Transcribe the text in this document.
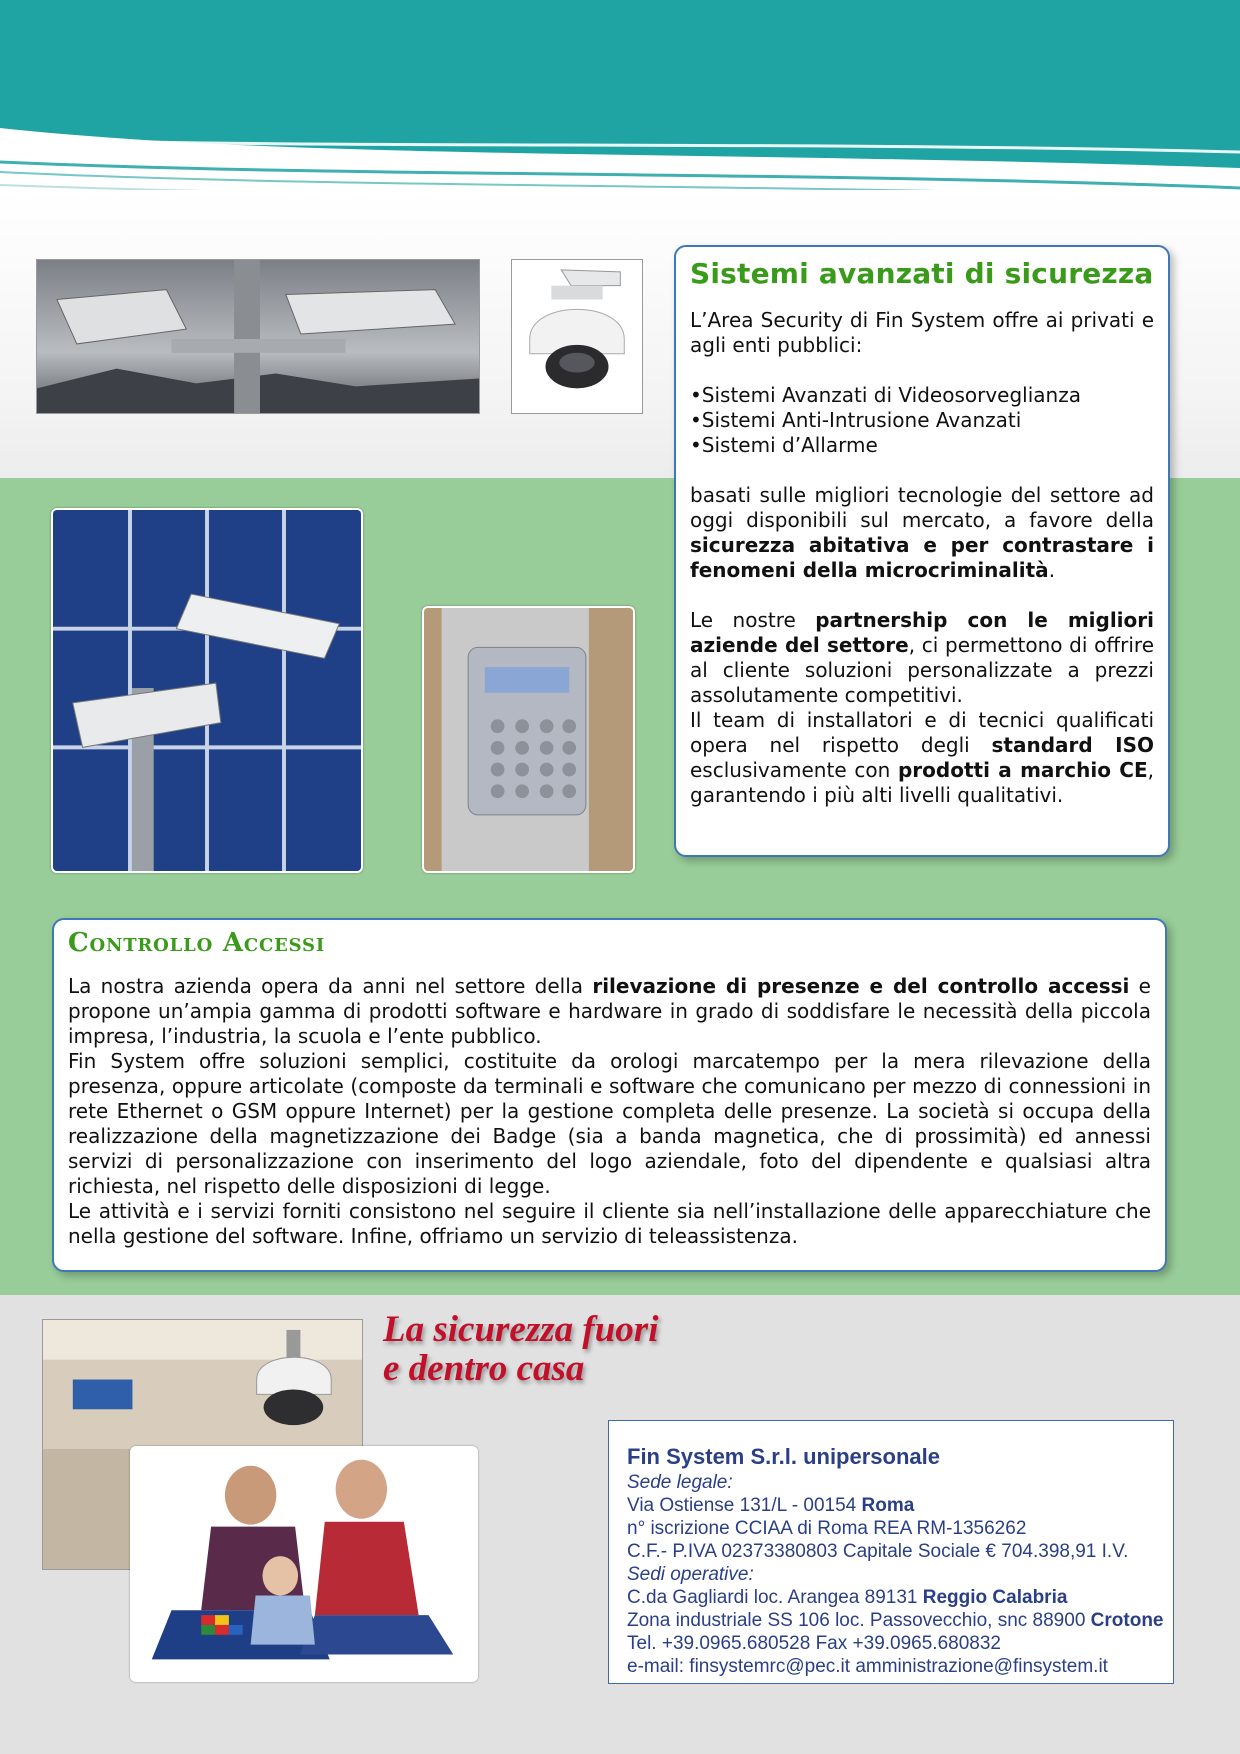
Sistemi avanzati di sicurezza

L’Area Security di Fin System offre ai privati e agli enti pubblici:

• Sistemi Avanzati di Videosorveglianza
• Sistemi Anti-Intrusione Avanzati
• Sistemi d’Allarme

basati sulle migliori tecnologie del settore ad oggi disponibili sul mercato, a favore della sicurezza abitativa e per contrastare i fenomeni della microcriminalità.

Le nostre partnership con le migliori aziende del settore, ci permettono di offrire al cliente soluzioni personalizzate a prezzi assolutamente competitivi.

Il team di installatori e di tecnici qualificati opera nel rispetto degli standard ISO esclusivamente con prodotti a marchio CE, garantendo i più alti livelli qualitativi.

Controllo Accessi

La nostra azienda opera da anni nel settore della rilevazione di presenze e del controllo accessi e propone un’ampia gamma di prodotti software e hardware in grado di soddisfare le necessità della piccola impresa, l’industria, la scuola e l’ente pubblico.

Fin System offre soluzioni semplici, costituite da orologi marcatempo per la mera rilevazione della presenza, oppure articolate (composte da terminali e software che comunicano per mezzo di connessioni in rete Ethernet o GSM oppure Internet) per la gestione completa delle presenze. La società si occupa della realizzazione della magnetizzazione dei Badge (sia a banda magnetica, che di prossimità) ed annessi servizi di personalizzazione con inserimento del logo aziendale, foto del dipendente e qualsiasi altra richiesta, nel rispetto delle disposizioni di legge.

Le attività e i servizi forniti consistono nel seguire il cliente sia nell’installazione delle apparecchiature che nella gestione del software. Infine, offriamo un servizio di teleassistenza.

La sicurezza fuori
e dentro casa
Fin System S.r.l. unipersonale
Sede legale:
Via Ostiense 131/L - 00154 Roma
n° iscrizione CCIAA di Roma REA RM-1356262
C.F.- P.IVA 02373380803 Capitale Sociale € 704.398,91 I.V.
Sedi operative:
C.da Gagliardi loc. Arangea 89131 Reggio Calabria
Zona industriale SS 106 loc. Passovecchio, snc 88900 Crotone
Tel. +39.0965.680528 Fax +39.0965.680832
e-mail: finsystemrc@pec.it amministrazione@finsystem.it
